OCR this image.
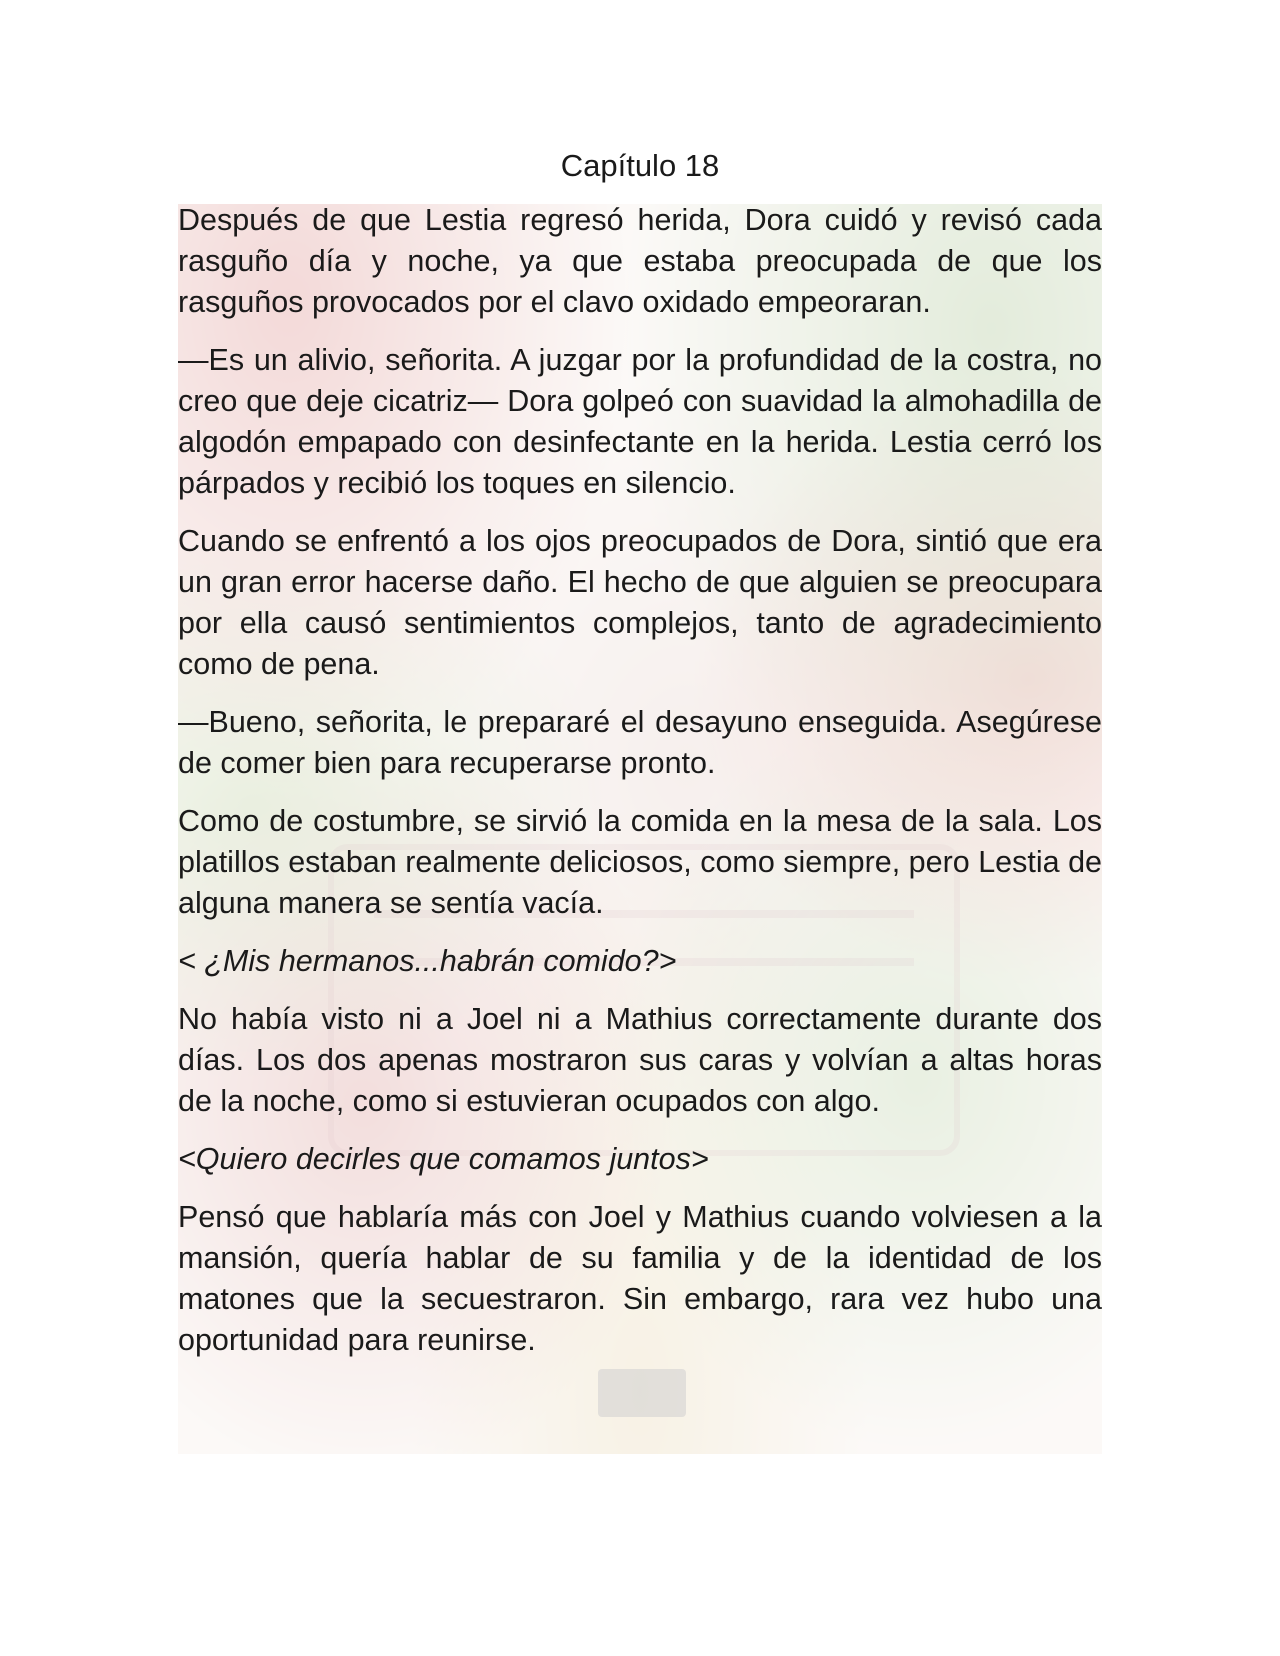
Capítulo 18

Después de que Lestia regresó herida, Dora cuidó y revisó cada rasguño día y noche, ya que estaba preocupada de que los rasguños provocados por el clavo oxidado empeoraran.

—Es un alivio, señorita. A juzgar por la profundidad de la costra, no creo que deje cicatriz— Dora golpeó con suavidad la almohadilla de algodón empapado con desinfectante en la herida. Lestia cerró los párpados y recibió los toques en silencio.

Cuando se enfrentó a los ojos preocupados de Dora, sintió que era un gran error hacerse daño. El hecho de que alguien se preocupara por ella causó sentimientos complejos, tanto de agradecimiento como de pena.

—Bueno, señorita, le prepararé el desayuno enseguida. Asegúrese de comer bien para recuperarse pronto.

Como de costumbre, se sirvió la comida en la mesa de la sala. Los platillos estaban realmente deliciosos, como siempre, pero Lestia de alguna manera se sentía vacía.

< ¿Mis hermanos...habrán comido?>

No había visto ni a Joel ni a Mathius correctamente durante dos días. Los dos apenas mostraron sus caras y volvían a altas horas de la noche, como si estuvieran ocupados con algo.

<Quiero decirles que comamos juntos>

Pensó que hablaría más con Joel y Mathius cuando volviesen a la mansión, quería hablar de su familia y de la identidad de los matones que la secuestraron. Sin embargo, rara vez hubo una oportunidad para reunirse.
